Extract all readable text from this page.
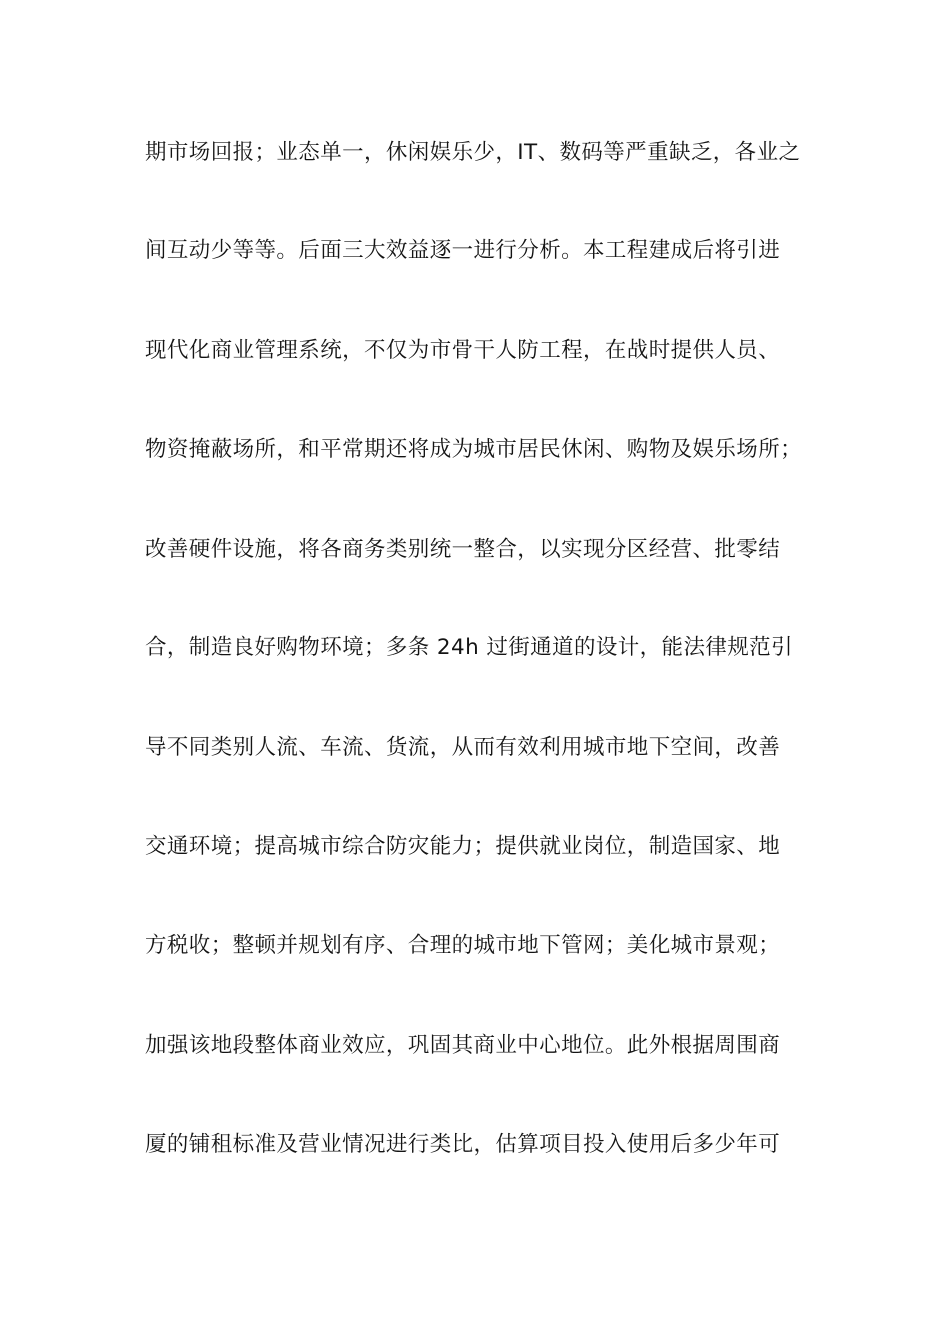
期市场回报；业态单一，休闲娱乐少，IT、数码等严重缺乏，各业之

间互动少等等。后面三大效益逐一进行分析。本工程建成后将引进

现代化商业管理系统，不仅为市骨干人防工程，在战时提供人员、

物资掩蔽场所，和平常期还将成为城市居民休闲、购物及娱乐场所；

改善硬件设施，将各商务类别统一整合，以实现分区经营、批零结

合，制造良好购物环境；多条 24h 过街通道的设计，能法律规范引

导不同类别人流、车流、货流，从而有效利用城市地下空间，改善

交通环境；提高城市综合防灾能力；提供就业岗位，制造国家、地

方税收；整顿并规划有序、合理的城市地下管网；美化城市景观；

加强该地段整体商业效应，巩固其商业中心地位。此外根据周围商

厦的铺租标准及营业情况进行类比，估算项目投入使用后多少年可
